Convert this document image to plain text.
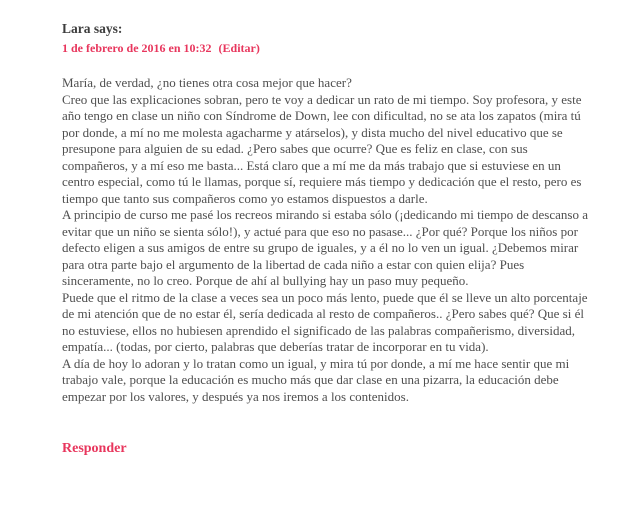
Lara says:
1 de febrero de 2016 en 10:32 (Editar)

María, de verdad, ¿no tienes otra cosa mejor que hacer?

Creo que las explicaciones sobran, pero te voy a dedicar un rato de mi tiempo. Soy profesora, y este año tengo en clase un niño con Síndrome de Down, lee con dificultad, no se ata los zapatos (mira tú por donde, a mí no me molesta agacharme y atárselos), y dista mucho del nivel educativo que se presupone para alguien de su edad. ¿Pero sabes que ocurre? Que es feliz en clase, con sus compañeros, y a mí eso me basta... Está claro que a mí me da más trabajo que si estuviese en un centro especial, como tú le llamas, porque sí, requiere más tiempo y dedicación que el resto, pero es tiempo que tanto sus compañeros como yo estamos dispuestos a darle.

A principio de curso me pasé los recreos mirando si estaba sólo (¡dedicando mi tiempo de descanso a evitar que un niño se sienta sólo!), y actué para que eso no pasase... ¿Por qué? Porque los niños por defecto eligen a sus amigos de entre su grupo de iguales, y a él no lo ven un igual. ¿Debemos mirar para otra parte bajo el argumento de la libertad de cada niño a estar con quien elija? Pues sinceramente, no lo creo. Porque de ahí al bullying hay un paso muy pequeño.

Puede que el ritmo de la clase a veces sea un poco más lento, puede que él se lleve un alto porcentaje de mi atención que de no estar él, sería dedicada al resto de compañeros.. ¿Pero sabes qué? Que si él no estuviese, ellos no hubiesen aprendido el significado de las palabras compañerismo, diversidad, empatía... (todas, por cierto, palabras que deberías tratar de incorporar en tu vida).

A día de hoy lo adoran y lo tratan como un igual, y mira tú por donde, a mí me hace sentir que mi trabajo vale, porque la educación es mucho más que dar clase en una pizarra, la educación debe empezar por los valores, y después ya nos iremos a los contenidos.

Responder
